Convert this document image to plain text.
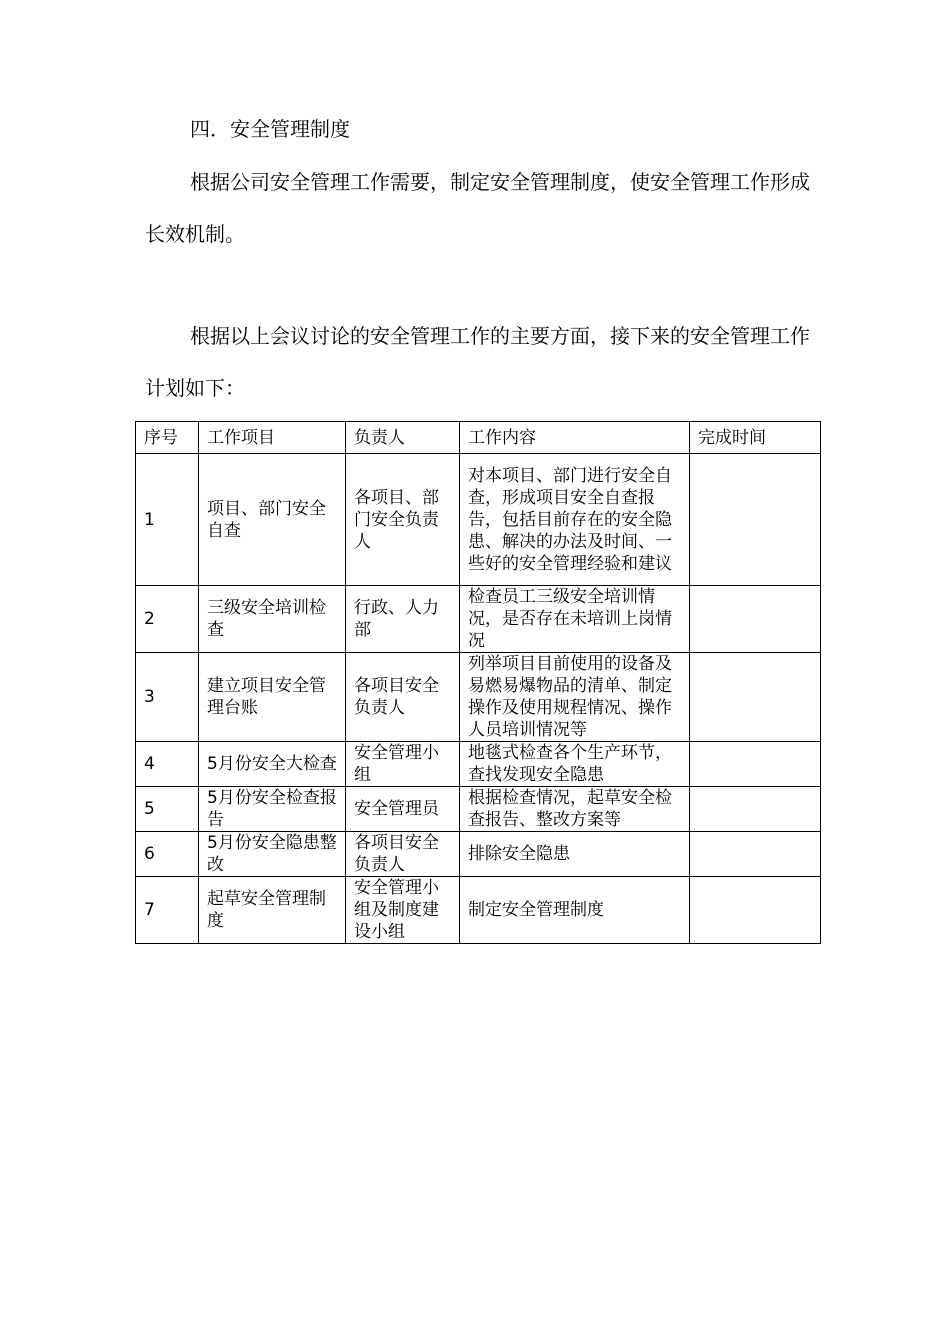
四．安全管理制度

根据公司安全管理工作需要，制定安全管理制度，使安全管理工作形成长效机制。

根据以上会议讨论的安全管理工作的主要方面，接下来的安全管理工作计划如下：

序号	工作项目	负责人	工作内容	完成时间
1	项目、部门安全自查	各项目、部门安全负责人	对本项目、部门进行安全自查，形成项目安全自查报告，包括目前存在的安全隐患、解决的办法及时间、一些好的安全管理经验和建议	
2	三级安全培训检查	行政、人力部	检查员工三级安全培训情况，是否存在未培训上岗情况	
3	建立项目安全管理台账	各项目安全负责人	列举项目目前使用的设备及易燃易爆物品的清单、制定操作及使用规程情况、操作人员培训情况等	
4	5月份安全大检查	安全管理小组	地毯式检查各个生产环节，查找发现安全隐患	
5	5月份安全检查报告	安全管理员	根据检查情况，起草安全检查报告、整改方案等	
6	5月份安全隐患整改	各项目安全负责人	排除安全隐患	
7	起草安全管理制度	安全管理小组及制度建设小组	制定安全管理制度	
